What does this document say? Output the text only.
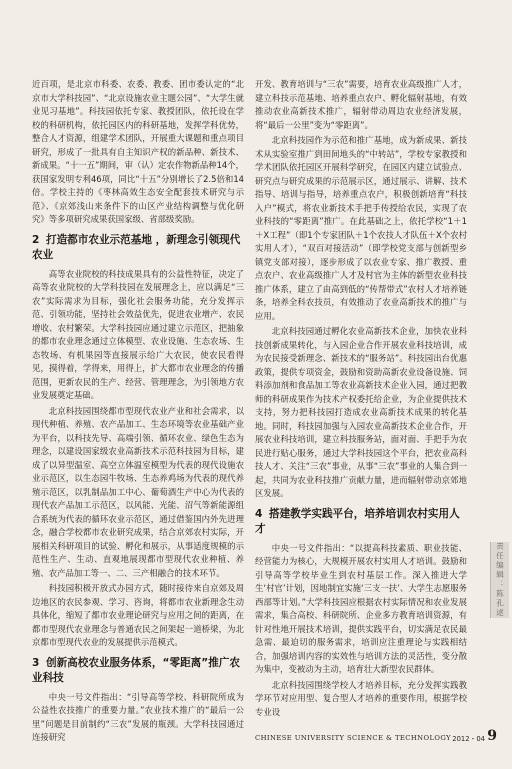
近百项，是北京市科委、农委、教委、团市委认定的“北京市大学科技园”、“北京设施农业主题公园”、“大学生就业见习基地”。科技园依托专家、教授团队，依托设在学校的科研机构，依托园区内的科研基地，发挥学科优势，整合人才资源，组建学术团队，开展重大课题和重点项目研究，形成了一批具有自主知识产权的新品种、新技术、新成果。“十一五”期间，审（认）定农作物新品种14个，获国家发明专利46项，同比“十五”分别增长了2.5倍和14倍。学校主持的《枣林高效生态安全配套技术研究与示范》、《京郊浅山来条件下的山区产业结构调整与优化研究》等多项研究成果获国家级、省部级奖励。

2 打造都市农业示范基地 ，新理念引领现代农业

高等农业院校的科技成果具有的公益性特征，决定了高等农业院校的大学科技园在发展理念上，应以满足“三农”实际需求为目标，强化社会服务功能，充分发挥示范、引领功能，坚持社会效益优先，促进农业增产、农民增收、农村繁荣。大学科技园应通过建立示范区，把抽象的都市农业理念通过立体模型、农业设施、生态农场、生态牧场、有机果园等直接展示给广大农民，使农民看得见，摸得着，学得来，用得上，扩大都市农业理念的传播范围，更新农民的生产、经营、管理理念，为引领地方农业发展奠定基础。

北京科技园围绕都市型现代农业产业和社会需求，以现代种植、养殖、农产品加工、生态环境等农业基础产业为平台，以科技先导、高端引领、循环农业、绿色生态为理念，以建设国家级农业高新技术示范科技园为目标，建成了以异型温室、高空立体温室模型为代表的现代设施农业示范区，以生态园牛牧场、生态养鸡场为代表的现代养殖示范区，以乳制品加工中心、葡萄酒生产中心为代表的现代农产品加工示范区，以风能、光能、沼气等新能源组合系统为代表的循环农业示范区，通过借鉴国内外先进理念，融合学校都市农业研究成果，结合京郊农村实际，开展相关科研项目的试验、孵化和展示，从事适度规模的示范性生产、生动、直观地展现都市型现代农业种植、养殖、农产品加工等一、二、三产相融合的技术环节。

科技园积极开放式办园方式，随时接待来自京郊及周边地区的农民参观、学习、咨询，将都市农业新理念生动具体化，缩短了都市农业理论研究与应用之间的距离，在都市型现代农业理念与普通农民之间架起一道桥梁，为北京都市型现代农业的发展提供示范模式。

3 创新高校农业服务体系，“零距离”推广农业科技

中央一号文件指出：“引导高等学校、科研院所成为公益性农技推广的重要力量。”农业技术推广的“最后一公里”问题是目前制约“三农”发展的瓶颈。大学科技园通过连接研究

开发、教育培训与“三农”需要，培育农业高级推广人才，建立科技示范基地、培养重点农户、孵化辐射基地，有效推动农业高新技术推广，辐射带动周边农业经济发展，将“最后一公里”变为“零距离”。

北京科技园作为示范和推广基地，成为新成果、新技术从实验室推广到田间地头的“中转站”，学校专家教授和学术团队依托园区开展科学研究，在园区内建立试验点、研究点与研究成果的示范展示区，通过展示、讲解、技术指导、培训与指导，培养重点农户，积极创新培育“科技入户”模式，将农业新技术手把手传授给农民，实现了农业科技的“零距离”推广。在此基础之上，依托学校“1＋1＋X工程”（即1个专家团队＋1个农技人才队伍＋X个农村实用人才），“双百对接活动”（即学校党支部与创新型乡镇党支部对接），逐步形成了以农业专家、推广教授、重点农户、农业高级推广人才及村官为主体的新型农业科技推广体系，建立了由高到低的“传帮带式”农村人才培养链条，培养全科农技员，有效推动了农业高新技术的推广与应用。

北京科技园通过孵化农业高新技术企业，加快农业科技创新成果转化，与入园企业合作开展农业科技培训，成为农民接受新理念、新技术的“服务站”。科技园出台优惠政策，提供专项资金，鼓励和资助高新农业设备设施、饲料添加剂和食品加工等农业高新技术企业入园，通过把教师的科研成果作为技术产权委托给企业，为企业提供技术支持，努力把科技园打造成农业高新技术成果的转化基地。同时，科技园加强与入园农业高新技术企业合作，开展农业科技培训，建立科技服务站，面对面、手把手为农民进行贴心服务，通过大学科技园这个平台，把农业高科技人才、关注“三农”事业，从事“三农”事业的人集合到一起，共同为农业科技推广贡献力量，进而辐射带动京郊地区发展。

4 搭建教学实践平台，培养培训农村实用人才

中央一号文件指出：“以提高科技素质、职业技能、经营能力为核心，大规模开展农村实用人才培训。鼓励和引导高等学校毕业生到农村基层工作。深入推进大学生‘村官’计划，因地制宜实施‘三支一扶’、大学生志愿服务西部等计划。”大学科技园应根据农村实际情况和农业发展需求，集合高校、科研院所、企业多方教育培训资源，有针对性地开展技术培训，提供实践平台，切实满足农民最急需、最迫切的服务需求，培训应注重理论与实践相结合，加强培训内容的实效性与培训方法的灵活性，变分散为集中，变被动为主动，培育壮大新型农民群体。

北京科技园围绕学校人才培养目标，充分发挥实践教学环节对应用型、复合型人才培养的重要作用，根据学校专业设

责任编辑：陈孔逑
CHINESE UNIVERSITY SCIENCE & TECHNOLOGY 2012・04 9
